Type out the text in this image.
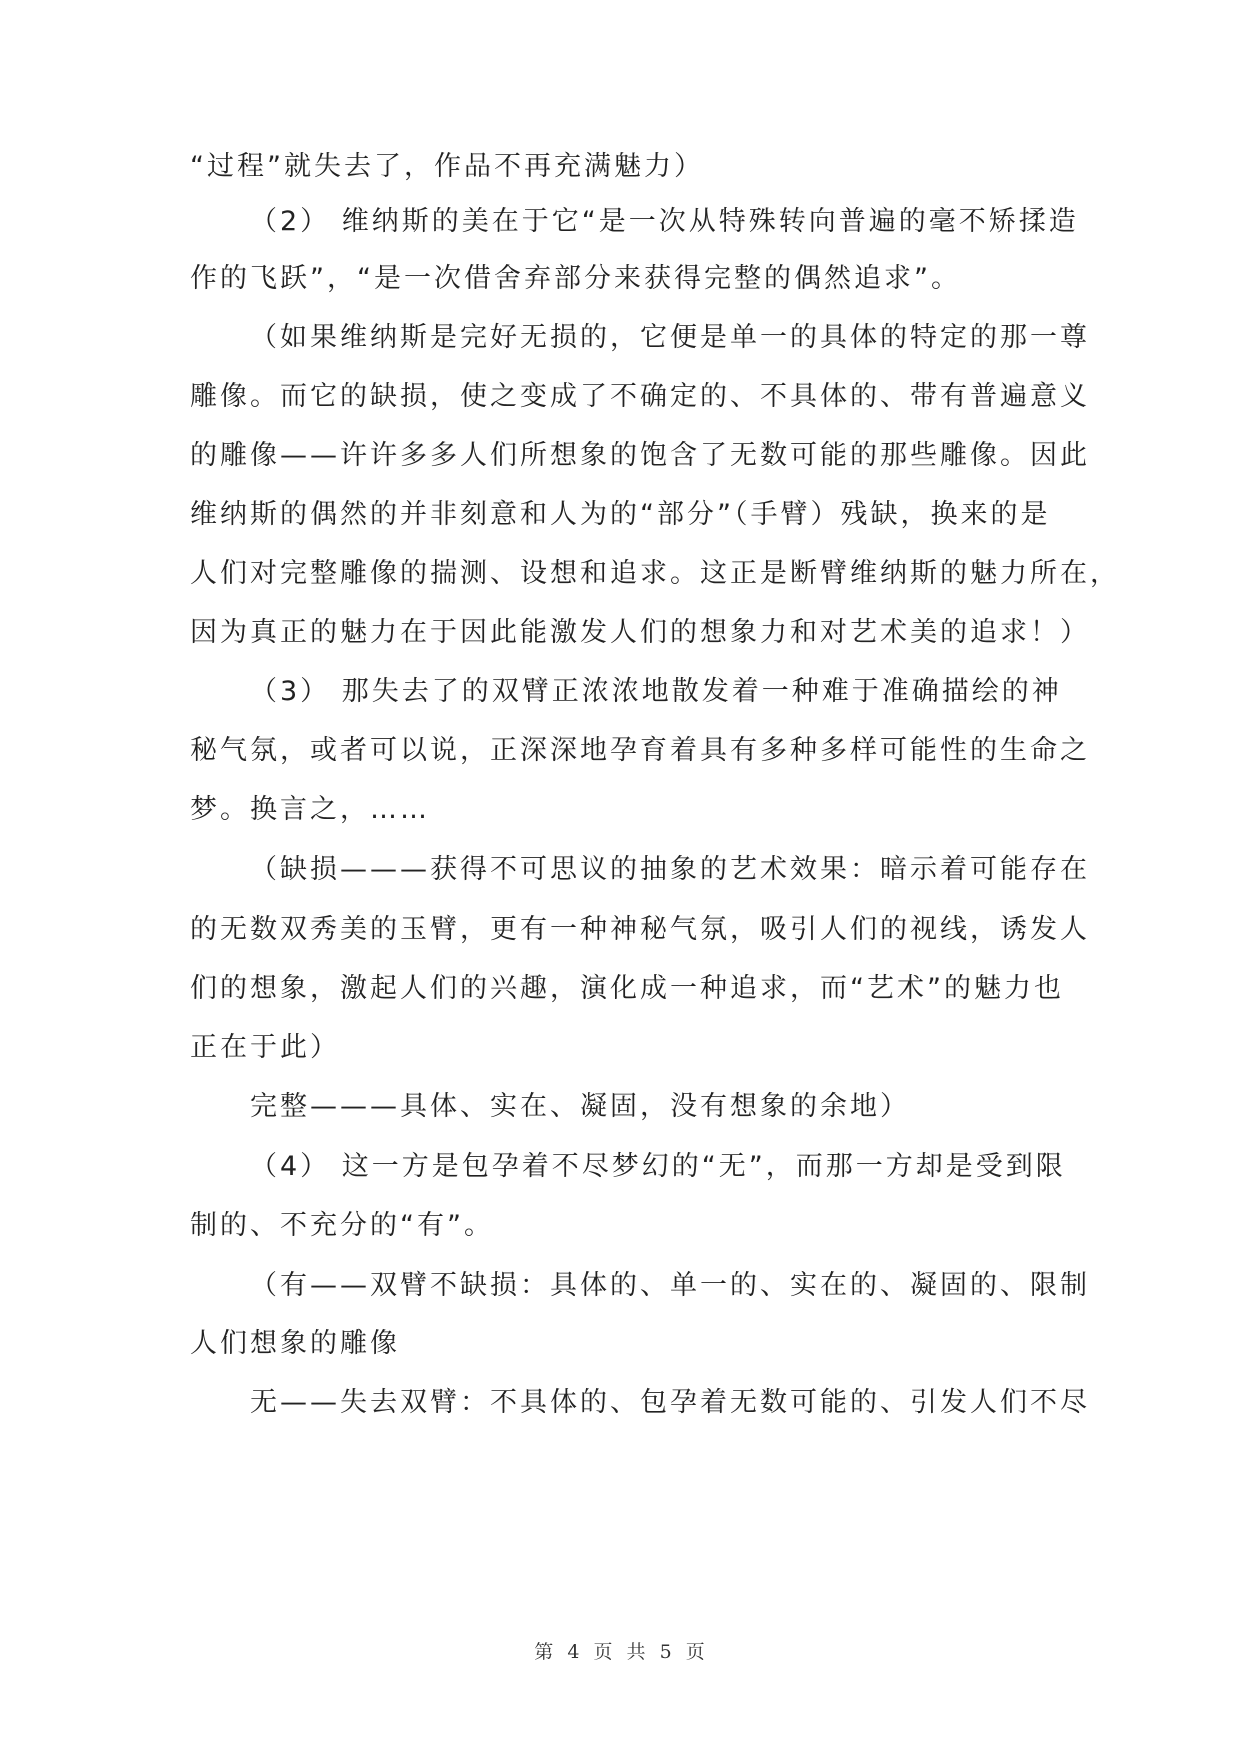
“过程”就失去了，作品不再充满魅力）
（2） 维纳斯的美在于它“是一次从特殊转向普遍的毫不矫揉造
作的飞跃”，“是一次借舍弃部分来获得完整的偶然追求”。
（如果维纳斯是完好无损的，它便是单一的具体的特定的那一尊
雕像。而它的缺损，使之变成了不确定的、不具体的、带有普遍意义
的雕像——许许多多人们所想象的饱含了无数可能的那些雕像。因此
维纳斯的偶然的并非刻意和人为的“部分”（手臂）残缺，换来的是
人们对完整雕像的揣测、设想和追求。这正是断臂维纳斯的魅力所在，
因为真正的魅力在于因此能激发人们的想象力和对艺术美的追求！）
（3） 那失去了的双臂正浓浓地散发着一种难于准确描绘的神
秘气氛，或者可以说，正深深地孕育着具有多种多样可能性的生命之
梦。换言之，……
（缺损———获得不可思议的抽象的艺术效果：暗示着可能存在
的无数双秀美的玉臂，更有一种神秘气氛，吸引人们的视线，诱发人
们的想象，激起人们的兴趣，演化成一种追求，而“艺术”的魅力也
正在于此）
完整———具体、实在、凝固，没有想象的余地）
（4） 这一方是包孕着不尽梦幻的“无”，而那一方却是受到限
制的、不充分的“有”。
（有——双臂不缺损：具体的、单一的、实在的、凝固的、限制
人们想象的雕像
无——失去双臂：不具体的、包孕着无数可能的、引发人们不尽
第 4 页 共 5 页
